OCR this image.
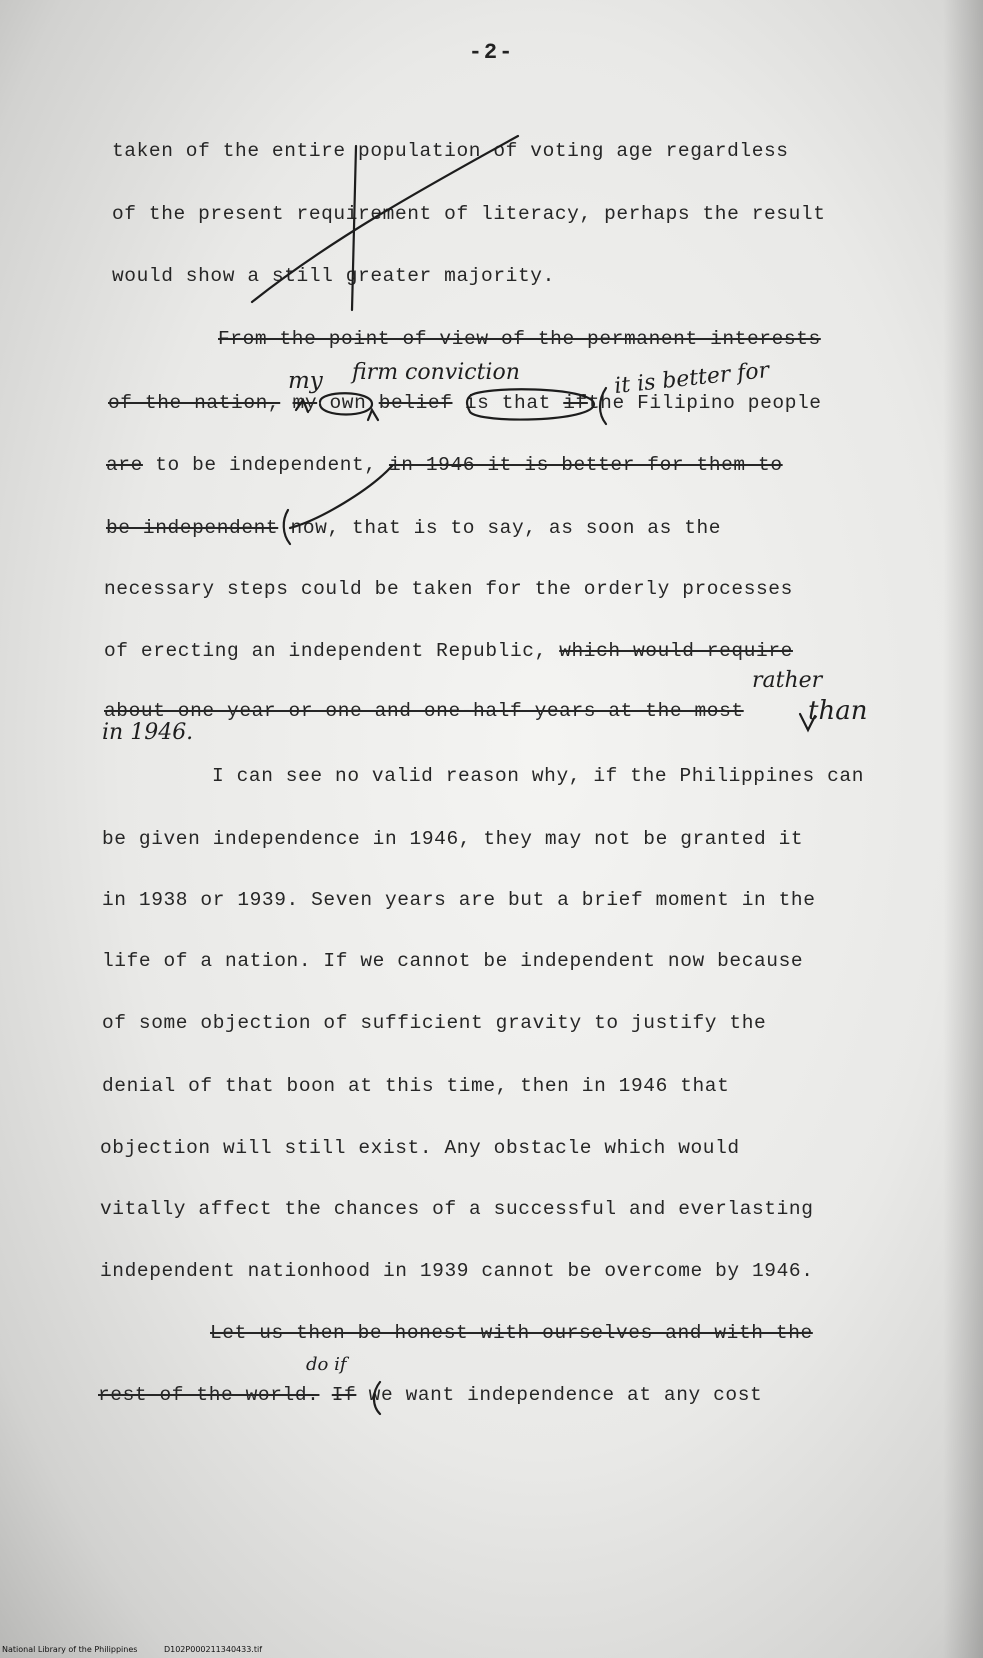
-2-
taken of the entire population of voting age regardless
of the present requirement of literacy, perhaps the result
would show a still greater majority.
From the point of view of the permanent interests
of the nation, my own belief is that ifthe Filipino people
are to be independent, in 1946 it is better for them to
be independent now, that is to say, as soon as the
necessary steps could be taken for the orderly processes
of erecting an independent Republic, which would require
about one year or one and one-half years at the most
I can see no valid reason why, if the Philippines can
be given independence in 1946, they may not be granted it
in 1938 or 1939. Seven years are but a brief moment in the
life of a nation. If we cannot be independent now because
of some objection of sufficient gravity to justify the
denial of that boon at this time, then in 1946 that
objection will still exist. Any obstacle which would
vitally affect the chances of a successful and everlasting
independent nationhood in 1939 cannot be overcome by 1946.
Let us then be honest with ourselves and with the
rest of the world. If we want independence at any cost
my firm conviction	it is better for
rather
than
in 1946.
do if
National Library of the Philippines	D102P000211340433.tif
